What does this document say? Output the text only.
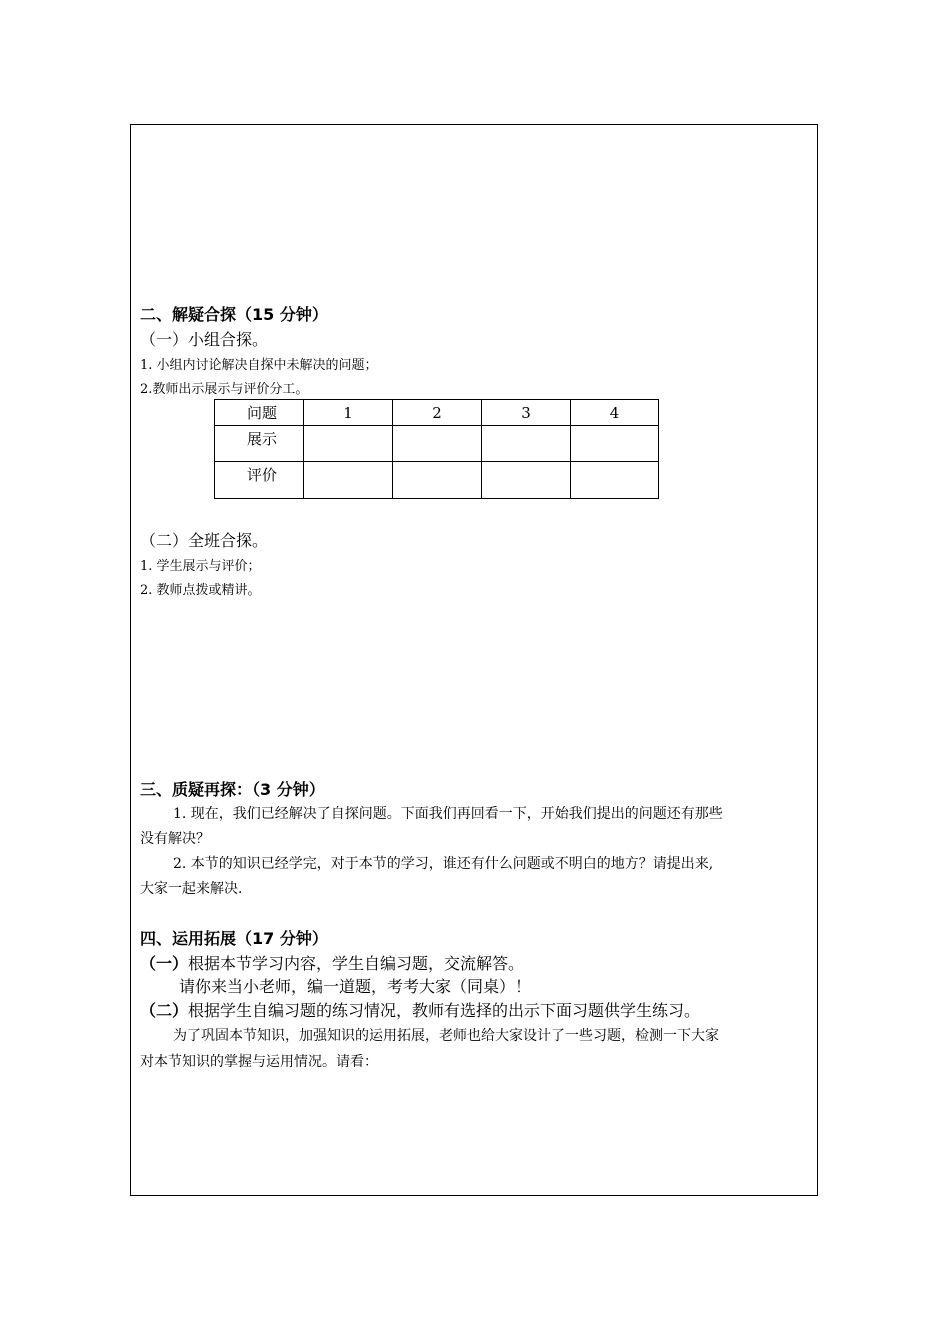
二、解疑合探（15 分钟）
（一）小组合探。
1. 小组内讨论解决自探中未解决的问题；
2.教师出示展示与评价分工。
问题	1	2	3	4
展示				
评价				
（二）全班合探。
1. 学生展示与评价；
2. 教师点拨或精讲。
三、质疑再探：（3 分钟）
1. 现在，我们已经解决了自探问题。下面我们再回看一下，开始我们提出的问题还有那些
没有解决？
2. 本节的知识已经学完，对于本节的学习，谁还有什么问题或不明白的地方？请提出来,
大家一起来解决.
四、运用拓展（17 分钟）
（一）根据本节学习内容，学生自编习题，交流解答。
请你来当小老师，编一道题，考考大家（同桌）！
（二）根据学生自编习题的练习情况，教师有选择的出示下面习题供学生练习。
为了巩固本节知识，加强知识的运用拓展，老师也给大家设计了一些习题，检测一下大家
对本节知识的掌握与运用情况。请看：
